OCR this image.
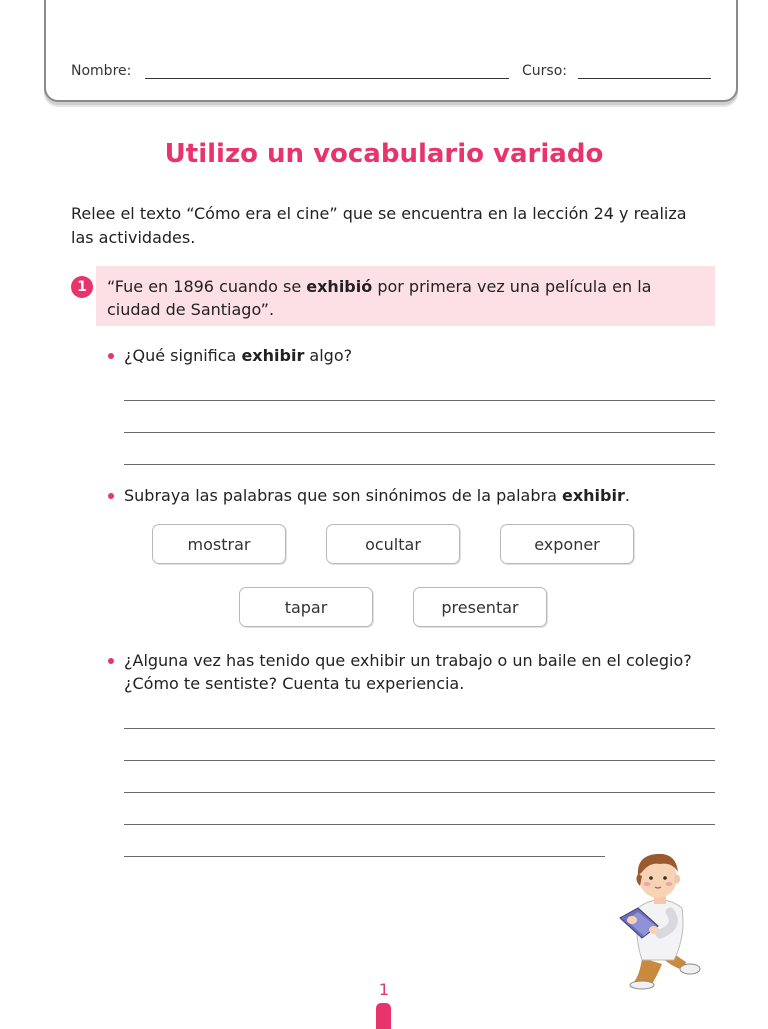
Nombre:	Curso:
Utilizo un vocabulario variado

Relee el texto “Cómo era el cine” que se encuentra en la lección 24 y realiza las actividades.

1	“Fue en 1896 cuando se exhibió por primera vez una película en la ciudad de Santiago”.
¿Qué significa exhibir algo?
Subraya las palabras que son sinónimos de la palabra exhibir.
mostrar	ocultar	exponer
tapar	presentar
¿Alguna vez has tenido que exhibir un trabajo o un baile en el colegio? ¿Cómo te sentiste? Cuenta tu experiencia.
1
